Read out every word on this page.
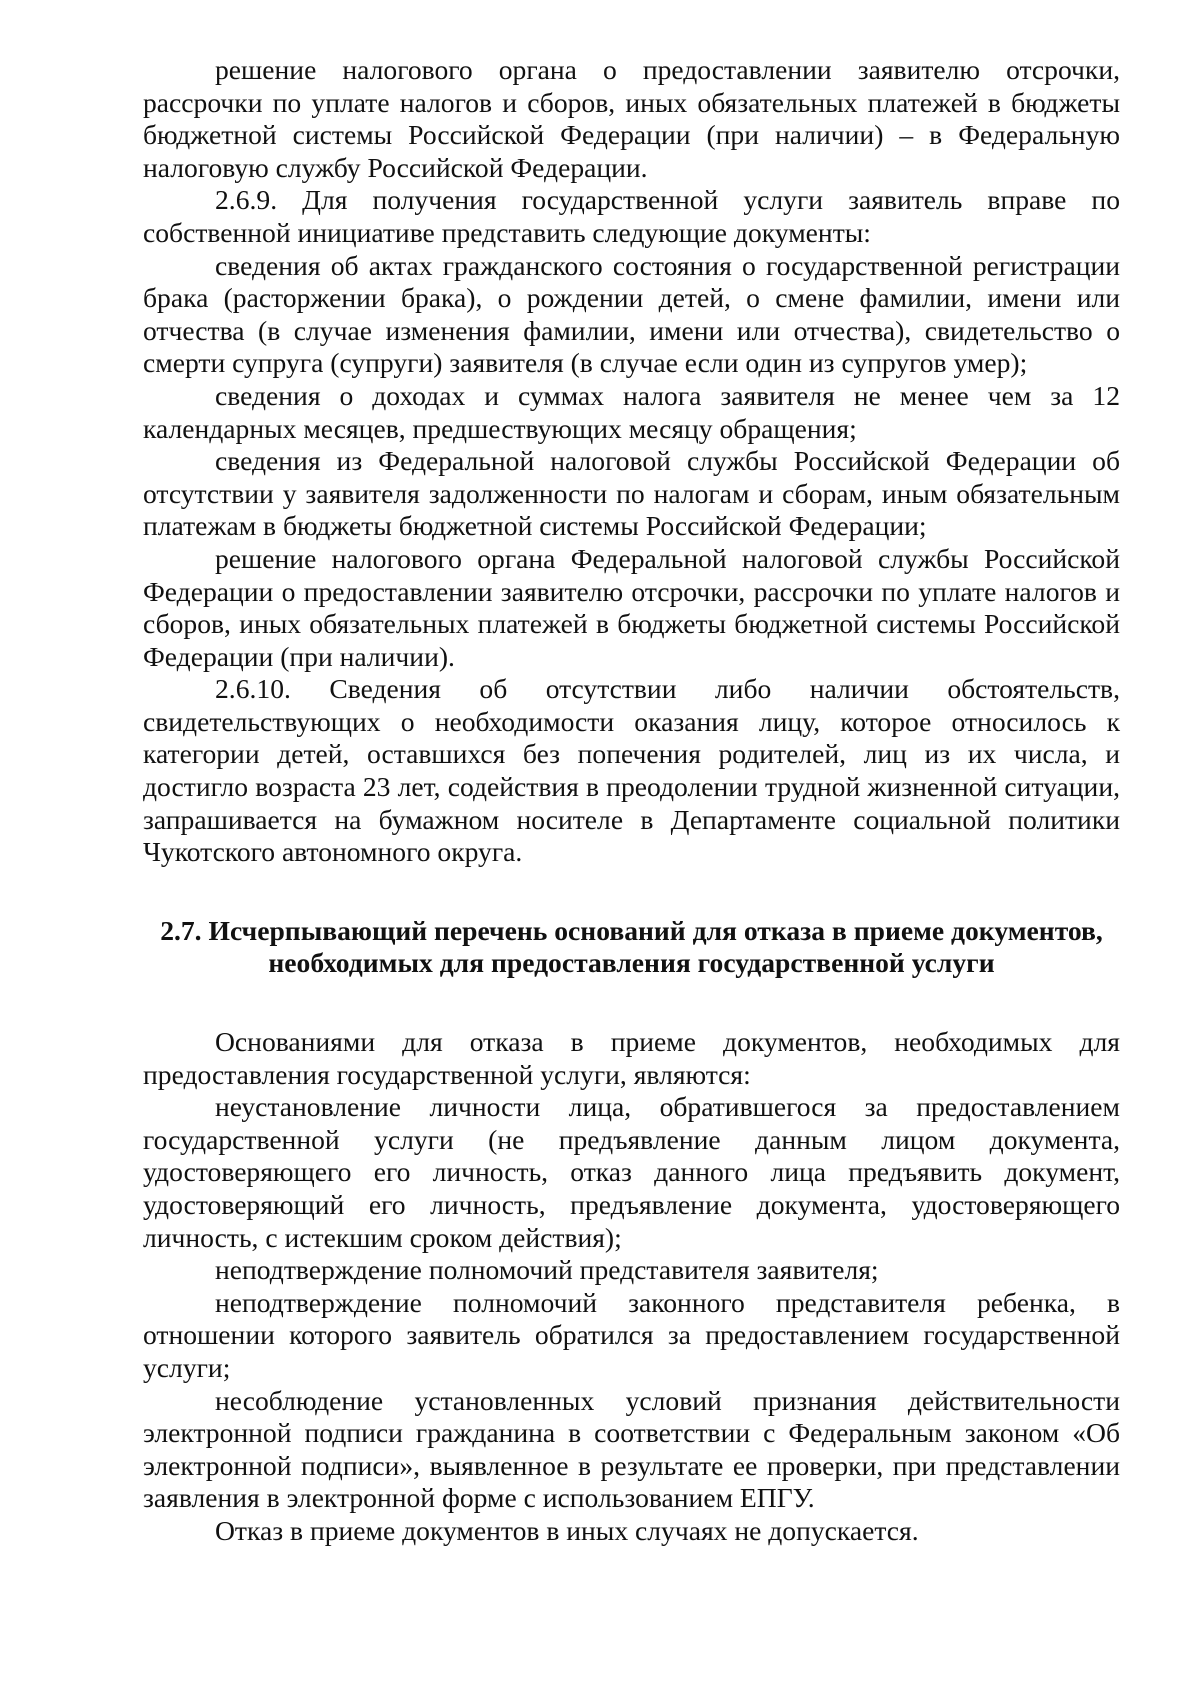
решение налогового органа о предоставлении заявителю отсрочки, рассрочки по уплате налогов и сборов, иных обязательных платежей в бюджеты бюджетной системы Российской Федерации (при наличии) – в Федеральную налоговую службу Российской Федерации.

2.6.9. Для получения государственной услуги заявитель вправе по собственной инициативе представить следующие документы:

сведения об актах гражданского состояния о государственной регистрации брака (расторжении брака), о рождении детей, о смене фамилии, имени или отчества (в случае изменения фамилии, имени или отчества), свидетельство о смерти супруга (супруги) заявителя (в случае если один из супругов умер);

сведения о доходах и суммах налога заявителя не менее чем за 12 календарных месяцев, предшествующих месяцу обращения;

сведения из Федеральной налоговой службы Российской Федерации об отсутствии у заявителя задолженности по налогам и сборам, иным обязательным платежам в бюджеты бюджетной системы Российской Федерации;

решение налогового органа Федеральной налоговой службы Российской Федерации о предоставлении заявителю отсрочки, рассрочки по уплате налогов и сборов, иных обязательных платежей в бюджеты бюджетной системы Российской Федерации (при наличии).

2.6.10. Сведения об отсутствии либо наличии обстоятельств, свидетельствующих о необходимости оказания лицу, которое относилось к категории детей, оставшихся без попечения родителей, лиц из их числа, и достигло возраста 23 лет, содействия в преодолении трудной жизненной ситуации, запрашивается на бумажном носителе в Департаменте социальной политики Чукотского автономного округа.

2.7. Исчерпывающий перечень оснований для отказа в приеме документов,
необходимых для предоставления государственной услуги

Основаниями для отказа в приеме документов, необходимых для предоставления государственной услуги, являются:

неустановление личности лица, обратившегося за предоставлением государственной услуги (не предъявление данным лицом документа, удостоверяющего его личность, отказ данного лица предъявить документ, удостоверяющий его личность, предъявление документа, удостоверяющего личность, с истекшим сроком действия);

неподтверждение полномочий представителя заявителя;

неподтверждение полномочий законного представителя ребенка, в отношении которого заявитель обратился за предоставлением государственной услуги;

несоблюдение установленных условий признания действительности электронной подписи гражданина в соответствии с Федеральным законом «Об электронной подписи», выявленное в результате ее проверки, при представлении заявления в электронной форме с использованием ЕПГУ.

Отказ в приеме документов в иных случаях не допускается.
